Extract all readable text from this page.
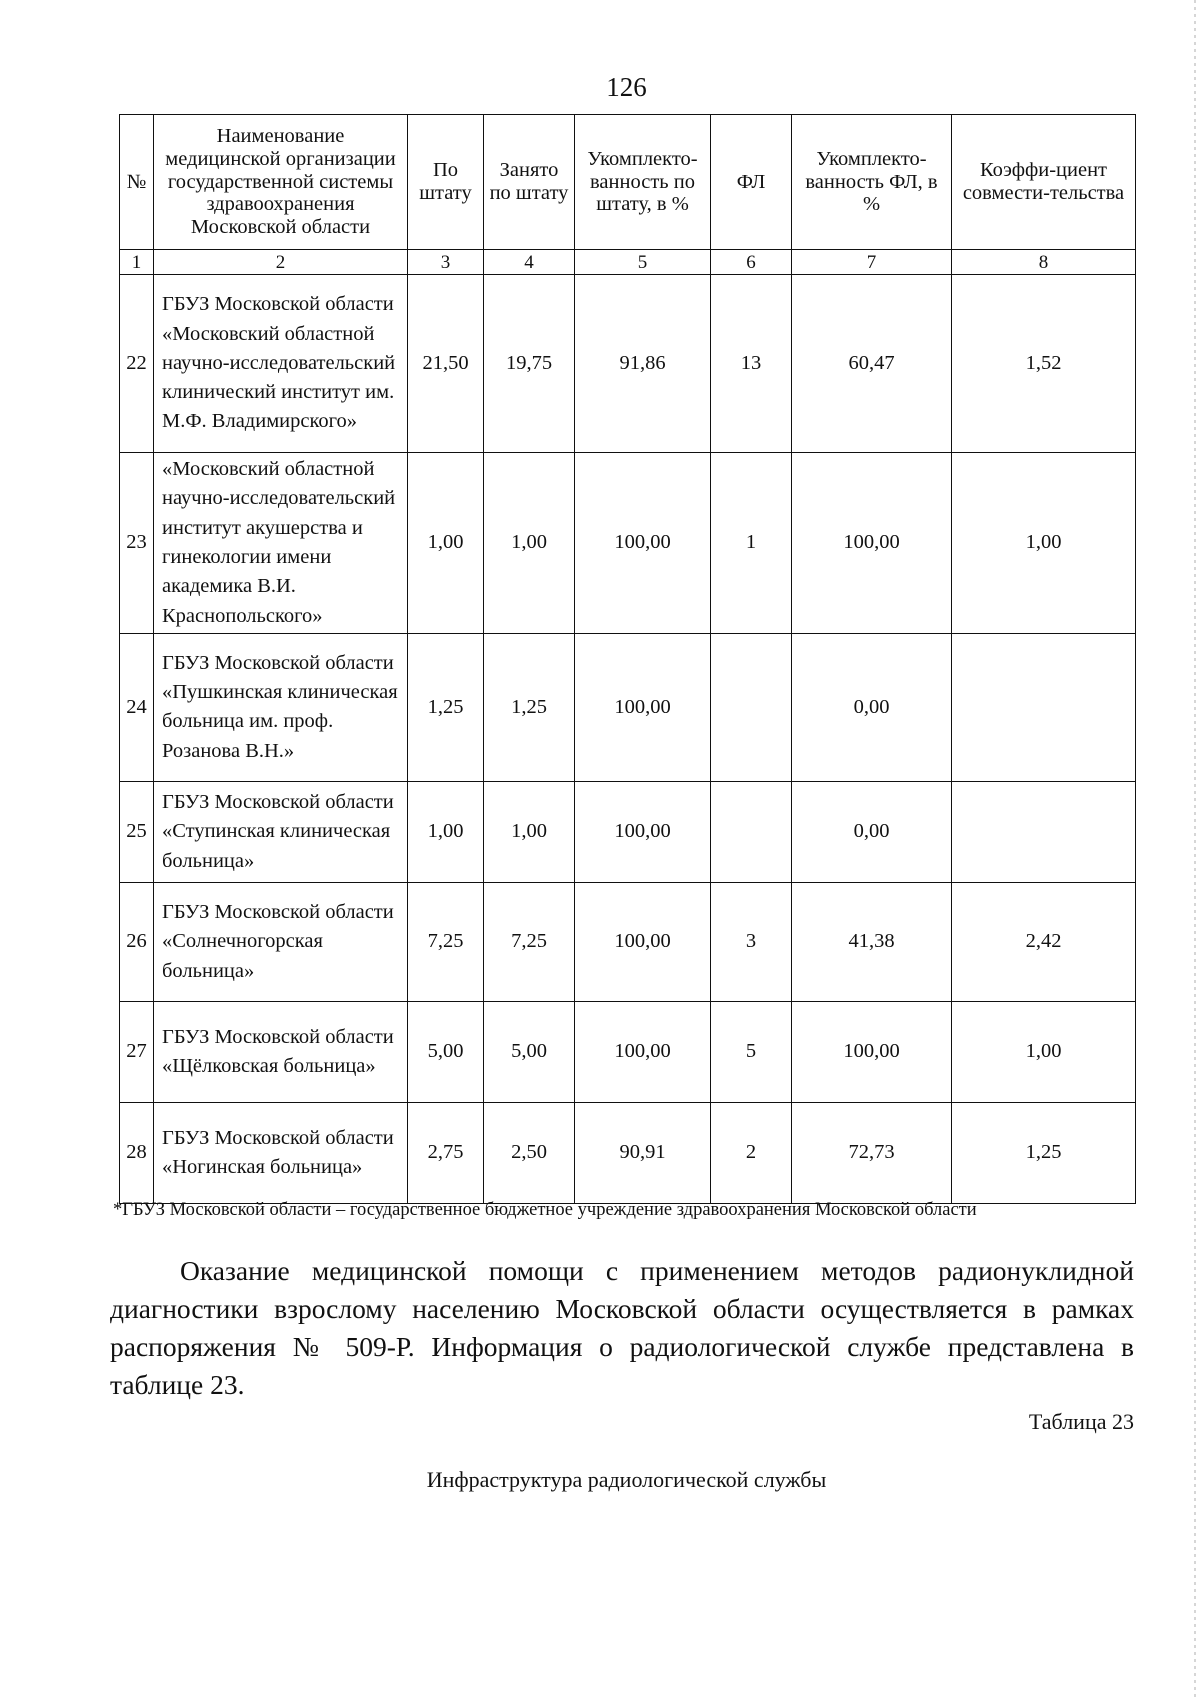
126
№	Наименование медицинской организации государственной системы здравоохранения Московской области	По штату	Занято по штату	Укомплекто-ванность по штату, в %	ФЛ	Укомплекто-ванность ФЛ, в %	Коэффи-циент совмести-тельства
1	2	3	4	5	6	7	8
22	ГБУЗ Московской области «Московский областной научно-исследовательский клинический институт им. М.Ф. Владимирского»	21,50	19,75	91,86	13	60,47	1,52
23	«Московский областной научно-исследовательский институт акушерства и гинекологии имени академика В.И. Краснопольского»	1,00	1,00	100,00	1	100,00	1,00
24	ГБУЗ Московской области «Пушкинская клиническая больница им. проф. Розанова В.Н.»	1,25	1,25	100,00		0,00	
25	ГБУЗ Московской области «Ступинская клиническая больница»	1,00	1,00	100,00		0,00	
26	ГБУЗ Московской области «Солнечногорская больница»	7,25	7,25	100,00	3	41,38	2,42
27	ГБУЗ Московской области «Щёлковская больница»	5,00	5,00	100,00	5	100,00	1,00
28	ГБУЗ Московской области «Ногинская больница»	2,75	2,50	90,91	2	72,73	1,25
*ГБУЗ Московской области – государственное бюджетное учреждение здравоохранения Московской области
Оказание медицинской помощи с применением методов радионуклидной диагностики взрослому населению Московской области осуществляется в рамках распоряжения № 509-Р. Информация о радиологической службе представлена в таблице 23.
Таблица 23
Инфраструктура радиологической службы
